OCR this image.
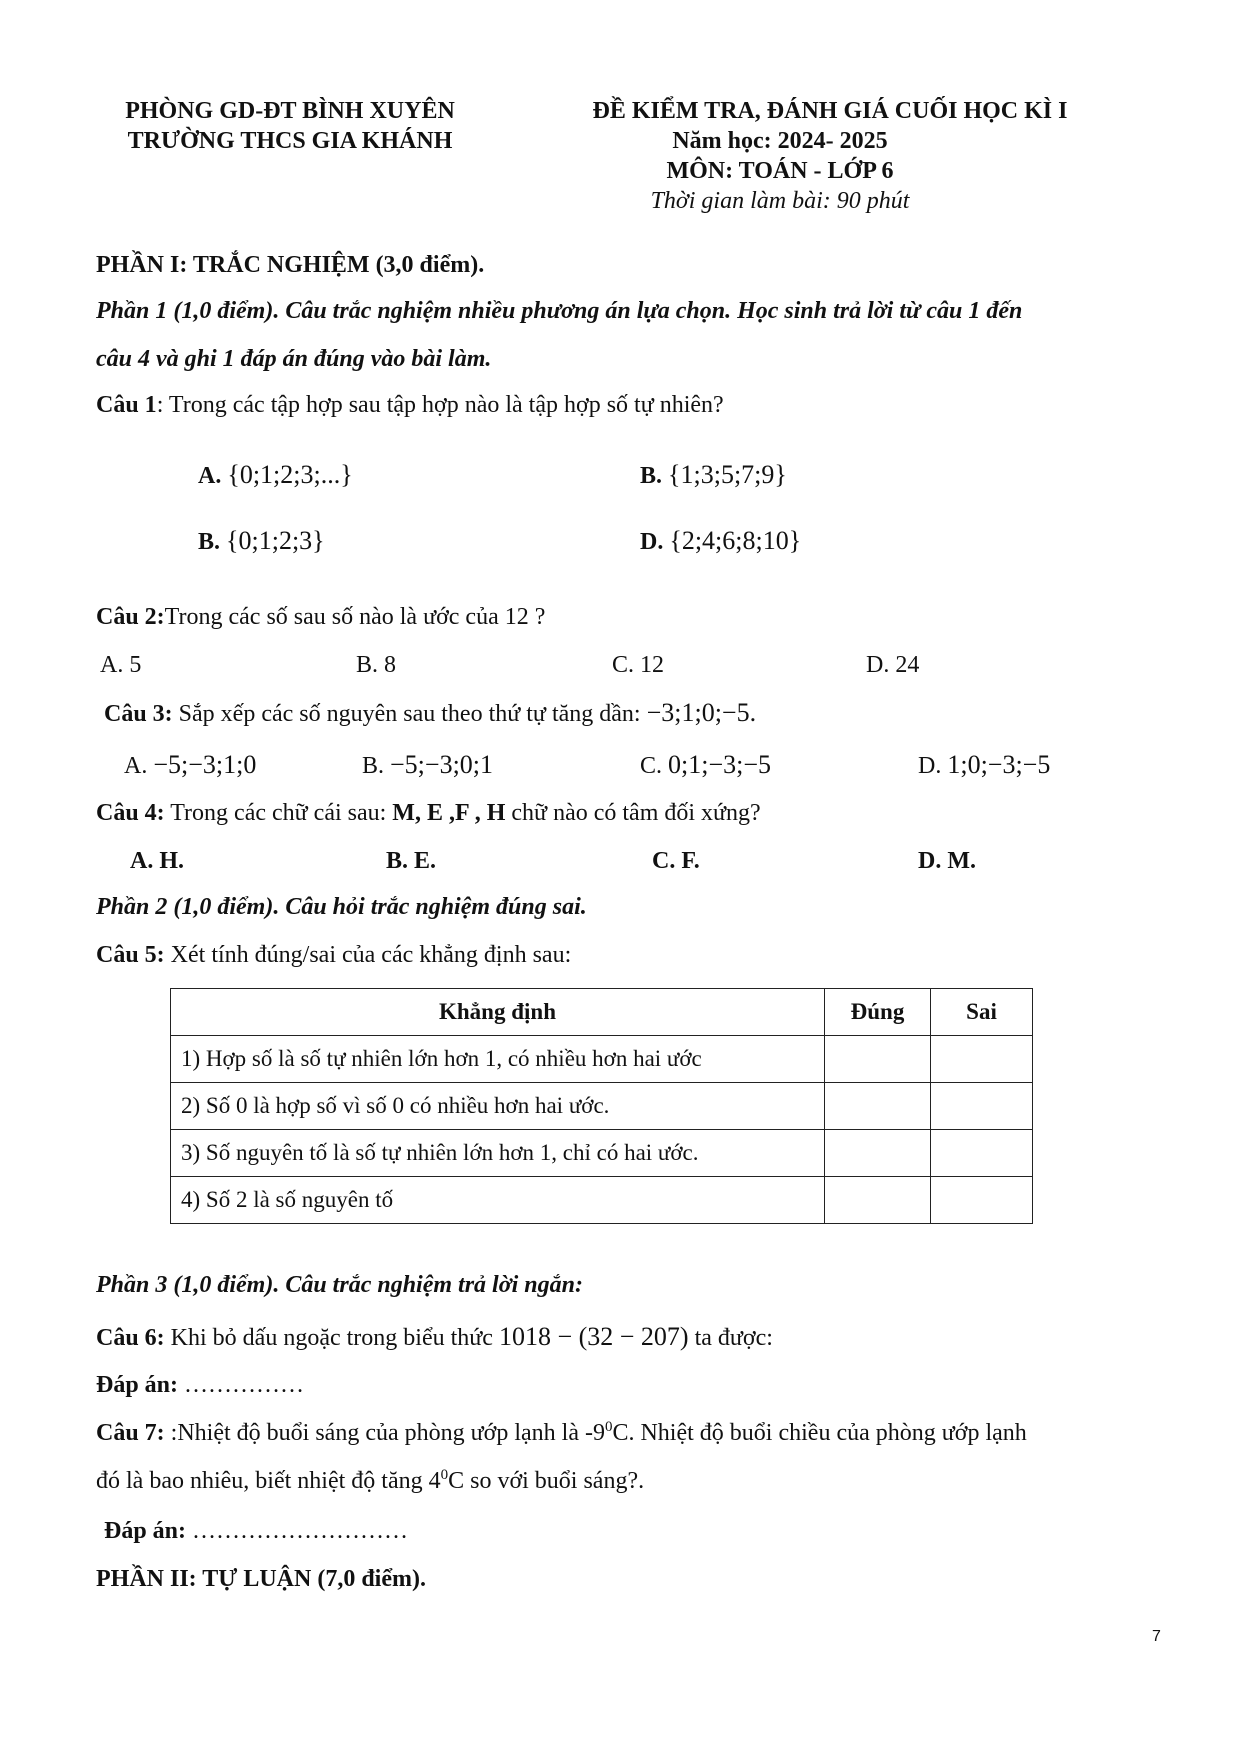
PHÒNG GD-ĐT BÌNH XUYÊN
TRƯỜNG THCS GIA KHÁNH
ĐỀ KIỂM TRA, ĐÁNH GIÁ CUỐI HỌC KÌ I
Năm học: 2024- 2025
MÔN: TOÁN - LỚP 6
Thời gian làm bài: 90 phút
PHẦN I: TRẮC NGHIỆM (3,0 điểm).
Phần 1 (1,0 điểm). Câu trắc nghiệm nhiều phương án lựa chọn. Học sinh trả lời từ câu 1 đến
câu 4 và ghi 1 đáp án đúng vào bài làm.
Câu 1: Trong các tập hợp sau tập hợp nào là tập hợp số tự nhiên?
A. {0;1;2;3;...}	B. {1;3;5;7;9}
B. {0;1;2;3}	D. {2;4;6;8;10}
Câu 2:Trong các số sau số nào là ước của 12 ?
A. 5	B. 8	C. 12	D. 24
Câu 3: Sắp xếp các số nguyên sau theo thứ tự tăng dần: −3;1;0;−5.
A. −5;−3;1;0	B. −5;−3;0;1	C. 0;1;−3;−5	D. 1;0;−3;−5
Câu 4: Trong các chữ cái sau: M, E ,F , H chữ nào có tâm đối xứng?
A. H.	B. E.	C. F.	D. M.
Phần 2 (1,0 điểm). Câu hỏi trắc nghiệm đúng sai.
Câu 5: Xét tính đúng/sai của các khẳng định sau:
Khẳng định	Đúng	Sai
1) Hợp số là số tự nhiên lớn hơn 1, có nhiều hơn hai ước		
2) Số 0 là hợp số vì số 0 có nhiều hơn hai ước.		
3) Số nguyên tố là số tự nhiên lớn hơn 1, chỉ có hai ước.		
4) Số 2 là số nguyên tố		
Phần 3 (1,0 điểm). Câu trắc nghiệm trả lời ngắn:
Câu 6: Khi bỏ dấu ngoặc trong biểu thức 1018 − (32 − 207) ta được:
Đáp án: ……………
Câu 7: :Nhiệt độ buổi sáng của phòng ướp lạnh là $-9^0C$. Nhiệt độ buổi chiều của phòng ướp lạnh
đó là bao nhiêu, biết nhiệt độ tăng $4^0C$ so với buổi sáng?.
Đáp án: ………………………
PHẦN II: TỰ LUẬN (7,0 điểm).
7
